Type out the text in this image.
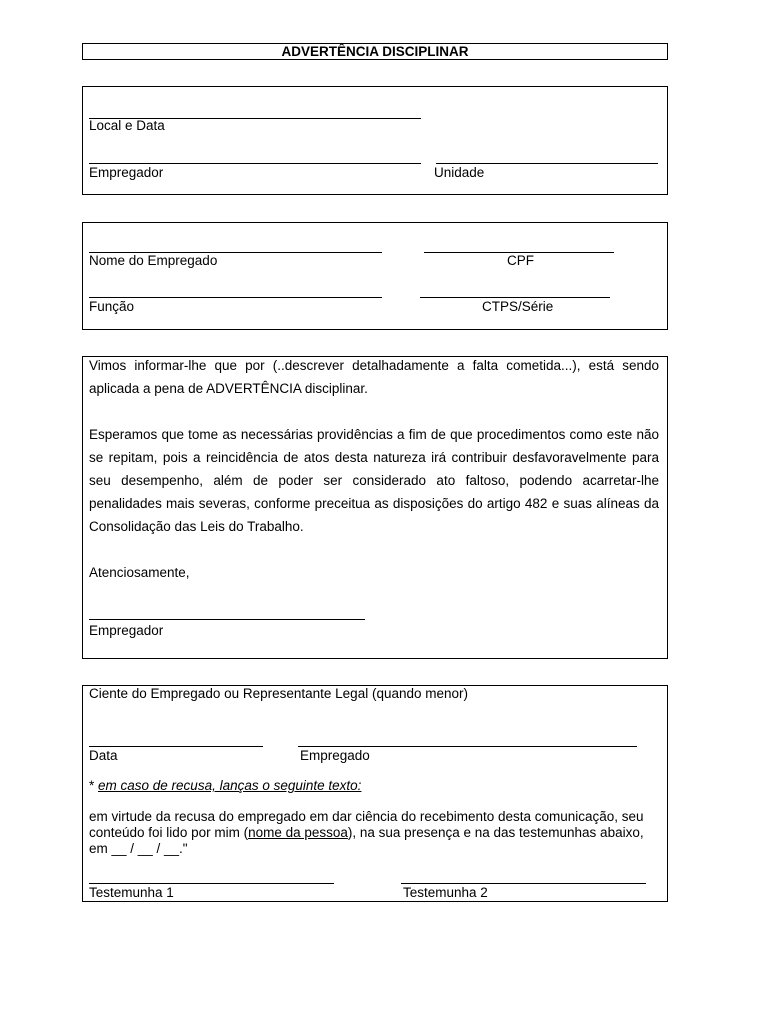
ADVERTÊNCIA DISCIPLINAR
Local e Data
Empregador	Unidade
Nome do Empregado	CPF
Função	CTPS/Série
Vimos informar-lhe que por (..descrever detalhadamente a falta cometida...), está sendo aplicada a pena de ADVERTÊNCIA disciplinar.
Esperamos que tome as necessárias providências a fim de que procedimentos como este não se repitam, pois a reincidência de atos desta natureza irá contribuir desfavoravelmente para seu desempenho, além de poder ser considerado ato faltoso, podendo acarretar-lhe penalidades mais severas, conforme preceitua as disposições do artigo 482 e suas alíneas da Consolidação das Leis do Trabalho.
Atenciosamente,
Empregador
Ciente do Empregado ou Representante Legal (quando menor)
Data	Empregado
* em caso de recusa, lanças o seguinte texto:
em virtude da recusa do empregado em dar ciência do recebimento desta comunicação, seu conteúdo foi lido por mim (nome da pessoa), na sua presença e na das testemunhas abaixo, em __ / __ / __."
Testemunha 1	Testemunha 2
